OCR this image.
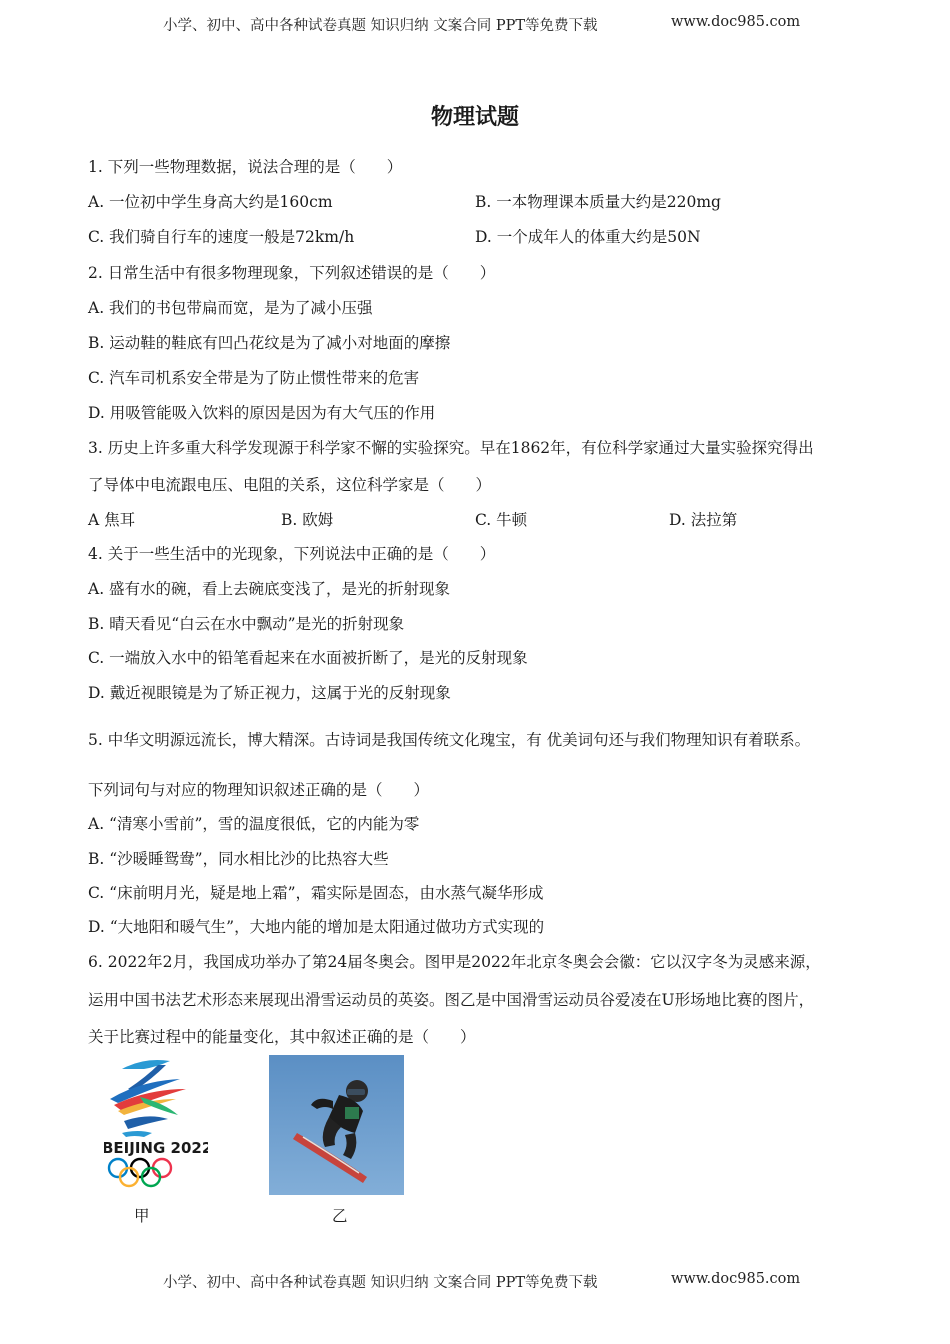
小学、初中、高中各种试卷真题 知识归纳 文案合同 PPT等免费下载	www.doc985.com
物理试题
1. 下列一些物理数据，说法合理的是（　　）
A. 一位初中学生身高大约是160cm	B. 一本物理课本质量大约是220mg
C. 我们骑自行车的速度一般是72km/h	D. 一个成年人的体重大约是50N
2. 日常生活中有很多物理现象，下列叙述错误的是（　　）
A. 我们的书包带扁而宽，是为了减小压强
B. 运动鞋的鞋底有凹凸花纹是为了减小对地面的摩擦
C. 汽车司机系安全带是为了防止惯性带来的危害
D. 用吸管能吸入饮料的原因是因为有大气压的作用
3. 历史上许多重大科学发现源于科学家不懈的实验探究。早在1862年，有位科学家通过大量实验探究得出
了导体中电流跟电压、电阻的关系，这位科学家是（　　）
A 焦耳	B. 欧姆	C. 牛顿	D. 法拉第
4. 关于一些生活中的光现象，下列说法中正确的是（　　）
A. 盛有水的碗，看上去碗底变浅了，是光的折射现象
B. 晴天看见“白云在水中飘动”是光的折射现象
C. 一端放入水中的铅笔看起来在水面被折断了，是光的反射现象
D. 戴近视眼镜是为了矫正视力，这属于光的反射现象
5. 中华文明源远流长，博大精深。古诗词是我国传统文化瑰宝，有 优美词句还与我们物理知识有着联系。
下列词句与对应的物理知识叙述正确的是（　　）
A. “清寒小雪前”，雪的温度很低，它的内能为零
B. “沙暖睡鸳鸯”，同水相比沙的比热容大些
C. “床前明月光，疑是地上霜”，霜实际是固态，由水蒸气凝华形成
D. “大地阳和暖气生”，大地内能的增加是太阳通过做功方式实现的
6. 2022年2月，我国成功举办了第24届冬奥会。图甲是2022年北京冬奥会会徽：它以汉字冬为灵感来源，
运用中国书法艺术形态来展现出滑雪运动员的英姿。图乙是中国滑雪运动员谷爱凌在U形场地比赛的图片，
关于比赛过程中的能量变化，其中叙述正确的是（　　）
BEIJING 2022
甲	乙
小学、初中、高中各种试卷真题 知识归纳 文案合同 PPT等免费下载	www.doc985.com
